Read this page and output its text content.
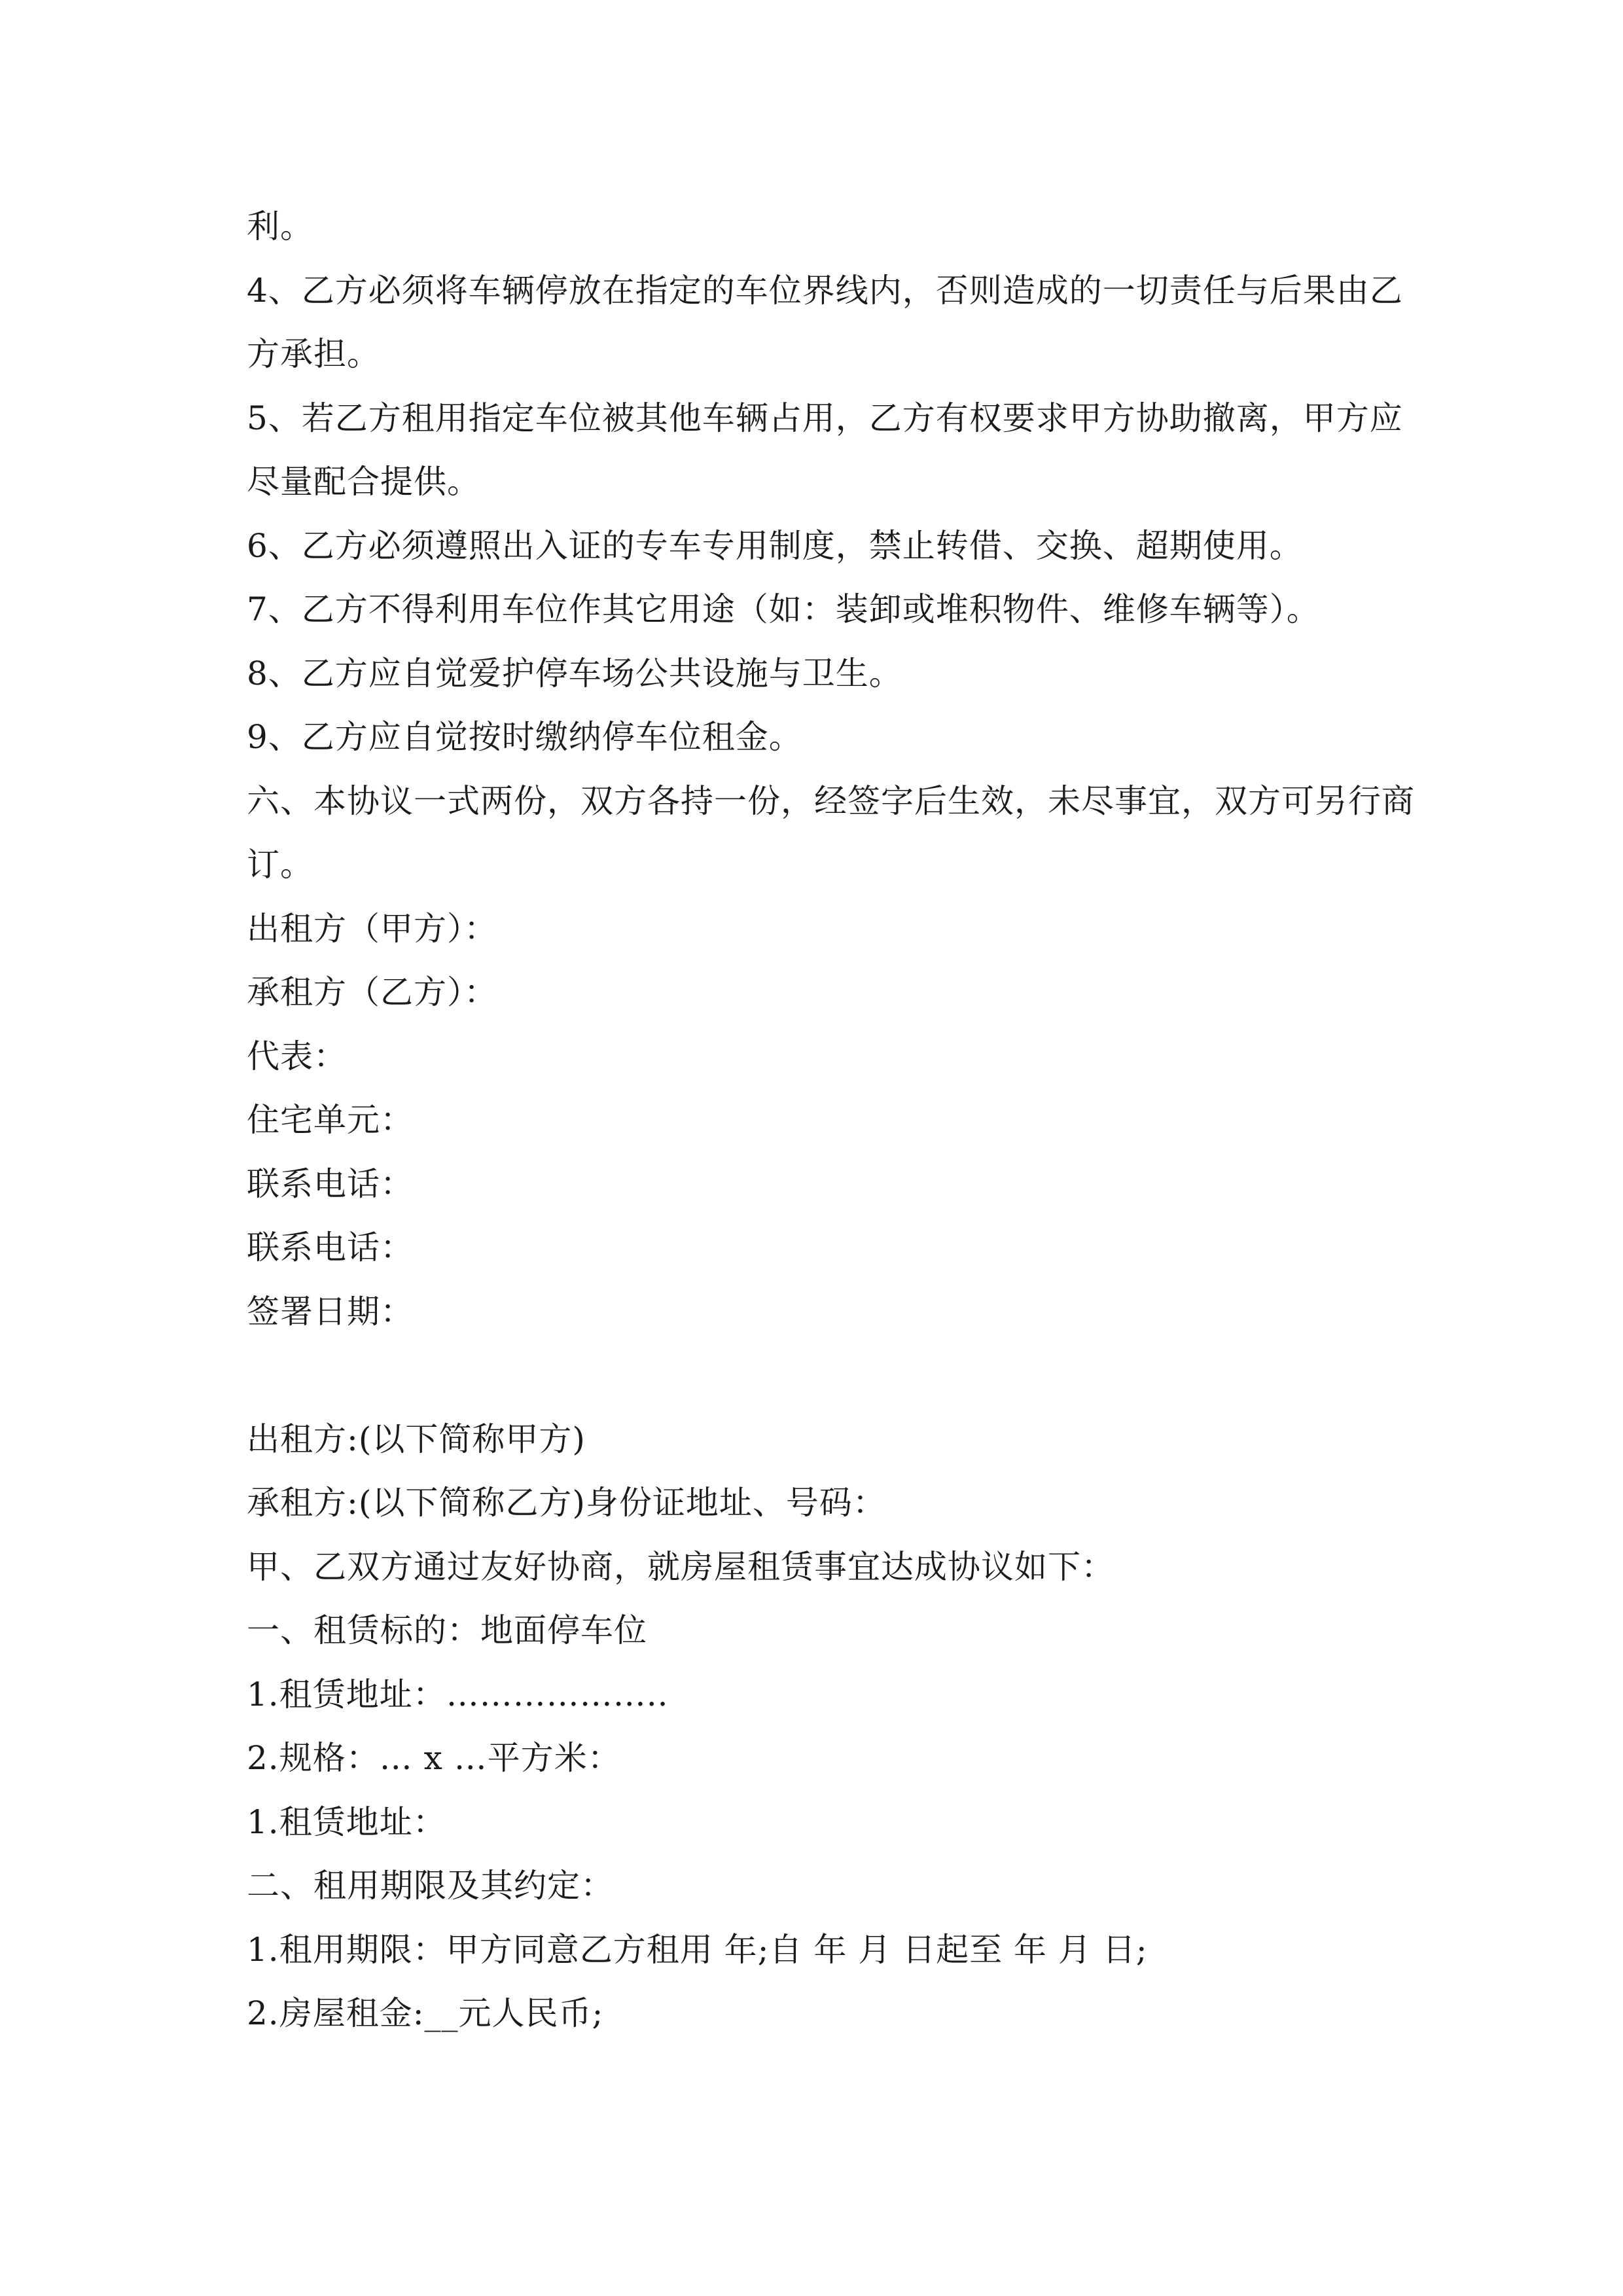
利。
4、乙方必须将车辆停放在指定的车位界线内，否则造成的一切责任与后果由乙
方承担。
5、若乙方租用指定车位被其他车辆占用，乙方有权要求甲方协助撤离，甲方应
尽量配合提供。
6、乙方必须遵照出入证的专车专用制度，禁止转借、交换、超期使用。
7、乙方不得利用车位作其它用途（如：装卸或堆积物件、维修车辆等）。
8、乙方应自觉爱护停车场公共设施与卫生。
9、乙方应自觉按时缴纳停车位租金。
六、本协议一式两份，双方各持一份，经签字后生效，未尽事宜，双方可另行商
订。
出租方（甲方）：
承租方（乙方）：
代表：
住宅单元：
联系电话：
联系电话：
签署日期：
出租方:(以下简称甲方)
承租方:(以下简称乙方)身份证地址、号码：
甲、乙双方通过友好协商，就房屋租赁事宜达成协议如下：
一、租赁标的：地面停车位
1.租赁地址：………………..
2.规格：… x …平方米：
1.租赁地址：
二、租用期限及其约定：
1.租用期限：甲方同意乙方租用 年;自 年 月 日起至 年 月 日;
2.房屋租金:__元人民币;
